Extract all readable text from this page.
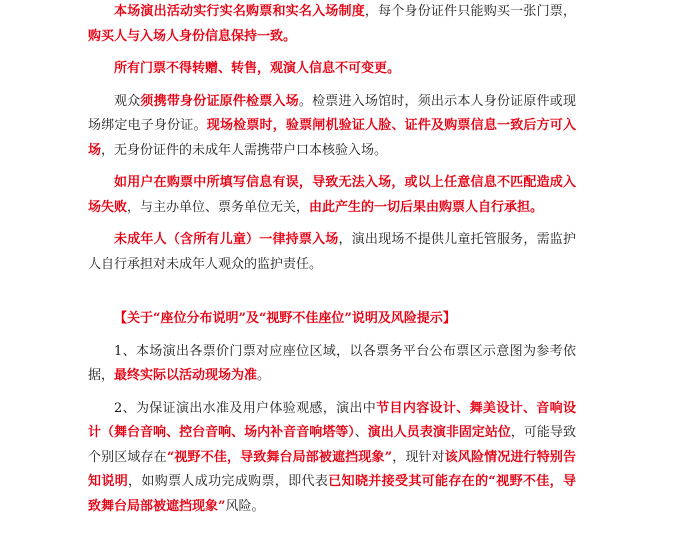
本场演出活动实行实名购票和实名入场制度，每个身份证件只能购买一张门票，购买人与入场人身份信息保持一致。

所有门票不得转赠、转售，观演人信息不可变更。

观众须携带身份证原件检票入场。检票进入场馆时，须出示本人身份证原件或现场绑定电子身份证。现场检票时，验票闸机验证人脸、证件及购票信息一致后方可入场，无身份证件的未成年人需携带户口本核验入场。

如用户在购票中所填写信息有误，导致无法入场，或以上任意信息不匹配造成入场失败，与主办单位、票务单位无关，由此产生的一切后果由购票人自行承担。

未成年人（含所有儿童）一律持票入场，演出现场不提供儿童托管服务，需监护人自行承担对未成年人观众的监护责任。

【关于“座位分布说明”及“视野不佳座位”说明及风险提示】

1、本场演出各票价门票对应座位区域，以各票务平台公布票区示意图为参考依据，最终实际以活动现场为准。

2、为保证演出水准及用户体验观感，演出中节目内容设计、舞美设计、音响设计（舞台音响、控台音响、场内补音音响塔等）、演出人员表演非固定站位，可能导致个别区域存在“视野不佳，导致舞台局部被遮挡现象”，现针对该风险情况进行特别告知说明，如购票人成功完成购票，即代表已知晓并接受其可能存在的“视野不佳，导致舞台局部被遮挡现象”风险。
